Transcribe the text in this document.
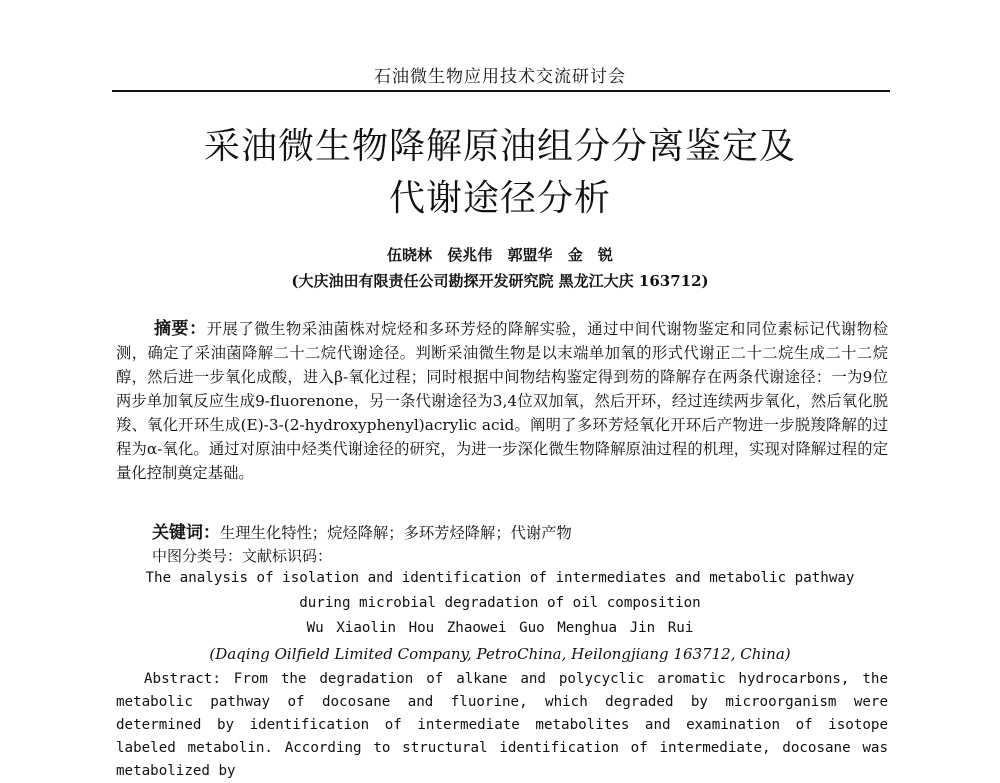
石油微生物应用技术交流研讨会
采油微生物降解原油组分分离鉴定及
代谢途径分析
伍晓林 侯兆伟 郭盟华 金 锐
(大庆油田有限责任公司勘探开发研究院 黑龙江大庆 163712)

摘要：开展了微生物采油菌株对烷烃和多环芳烃的降解实验，通过中间代谢物鉴定和同位素标记代谢物检测，确定了采油菌降解二十二烷代谢途径。判断采油微生物是以末端单加氧的形式代谢正二十二烷生成二十二烷醇，然后进一步氧化成酸，进入β-氧化过程；同时根据中间物结构鉴定得到芴的降解存在两条代谢途径：一为9位两步单加氧反应生成9-fluorenone，另一条代谢途径为3,4位双加氧，然后开环，经过连续两步氧化，然后氧化脱羧、氧化开环生成(E)-3-(2-hydroxyphenyl)acrylic acid。阐明了多环芳烃氧化开环后产物进一步脱羧降解的过程为α-氧化。通过对原油中烃类代谢途径的研究，为进一步深化微生物降解原油过程的机理，实现对降解过程的定量化控制奠定基础。

关键词：生理生化特性；烷烃降解；多环芳烃降解；代谢产物
中图分类号：文献标识码：
The analysis of isolation and identification of intermediates and metabolic pathway
during microbial degradation of oil composition
Wu Xiaolin Hou Zhaowei Guo Menghua Jin Rui
(Daqing Oilfield Limited Company, PetroChina, Heilongjiang 163712, China)

Abstract: From the degradation of alkane and polycyclic aromatic hydrocarbons, the metabolic pathway of docosane and fluorine, which degraded by microorganism were determined by identification of intermediate metabolites and examination of isotope labeled metabolin. According to structural identification of intermediate, docosane was metabolized by
